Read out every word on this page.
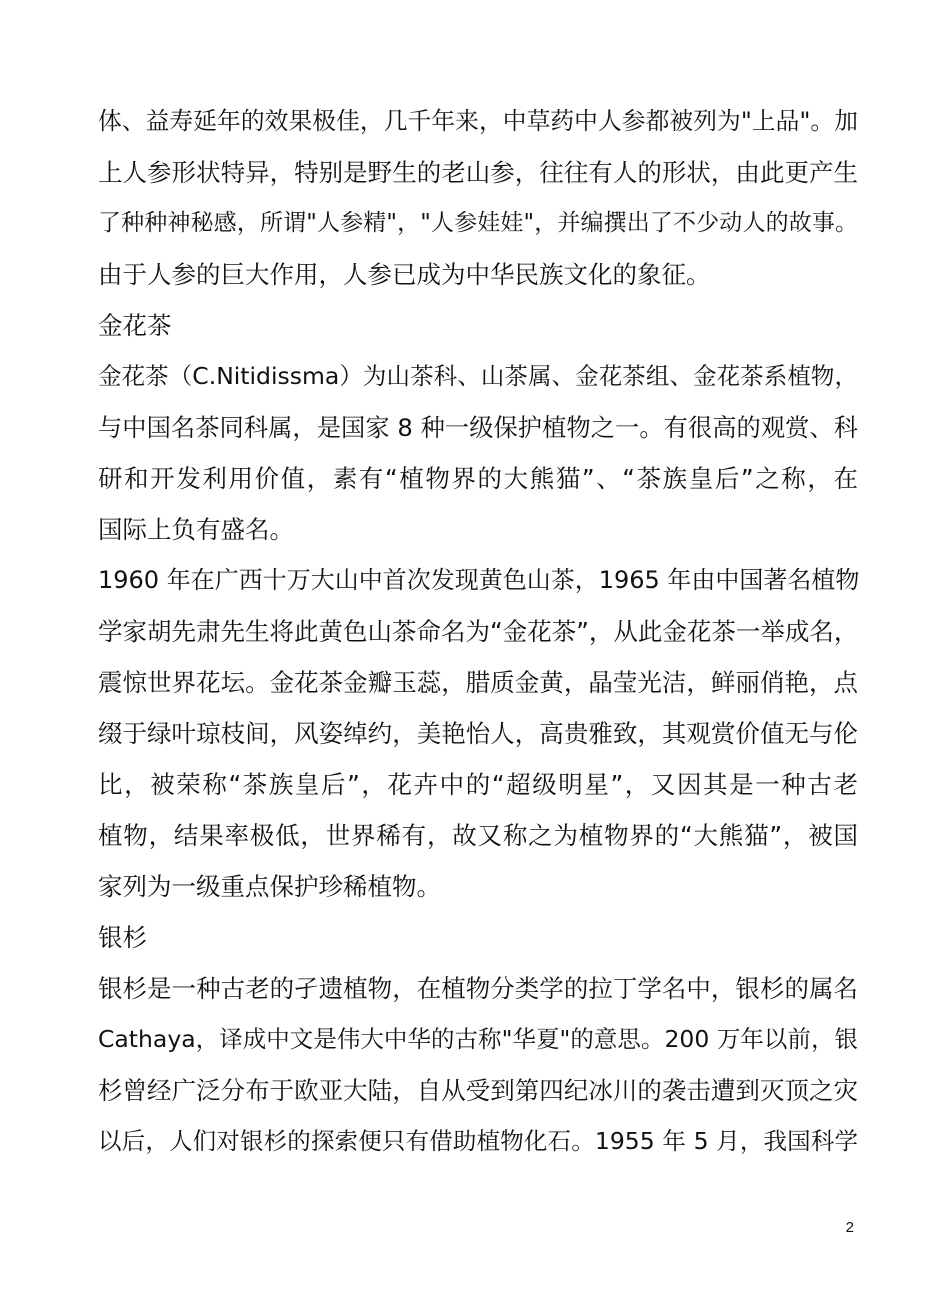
体、益寿延年的效果极佳，几千年来，中草药中人参都被列为"上品"。加
上人参形状特异，特别是野生的老山参，往往有人的形状，由此更产生
了种种神秘感，所谓"人参精"，"人参娃娃"，并编撰出了不少动人的故事。
由于人参的巨大作用，人参已成为中华民族文化的象征。
金花茶
金花茶（C.Nitidissma）为山茶科、山茶属、金花茶组、金花茶系植物，
与中国名茶同科属，是国家 8 种一级保护植物之一。有很高的观赏、科
研和开发利用价值，素有“植物界的大熊猫”、“茶族皇后”之称，在
国际上负有盛名。
1960 年在广西十万大山中首次发现黄色山茶，1965 年由中国著名植物
学家胡先肃先生将此黄色山茶命名为“金花茶”，从此金花茶一举成名，
震惊世界花坛。金花茶金瓣玉蕊，腊质金黄，晶莹光洁，鲜丽俏艳，点
缀于绿叶琼枝间，风姿绰约，美艳怡人，高贵雅致，其观赏价值无与伦
比，被荣称“茶族皇后”，花卉中的“超级明星”，又因其是一种古老
植物，结果率极低，世界稀有，故又称之为植物界的“大熊猫”，被国
家列为一级重点保护珍稀植物。
银杉
银杉是一种古老的孑遗植物，在植物分类学的拉丁学名中，银杉的属名
Cathaya，译成中文是伟大中华的古称"华夏"的意思。200 万年以前，银
杉曾经广泛分布于欧亚大陆，自从受到第四纪冰川的袭击遭到灭顶之灾
以后，人们对银杉的探索便只有借助植物化石。1955 年 5 月，我国科学
2
